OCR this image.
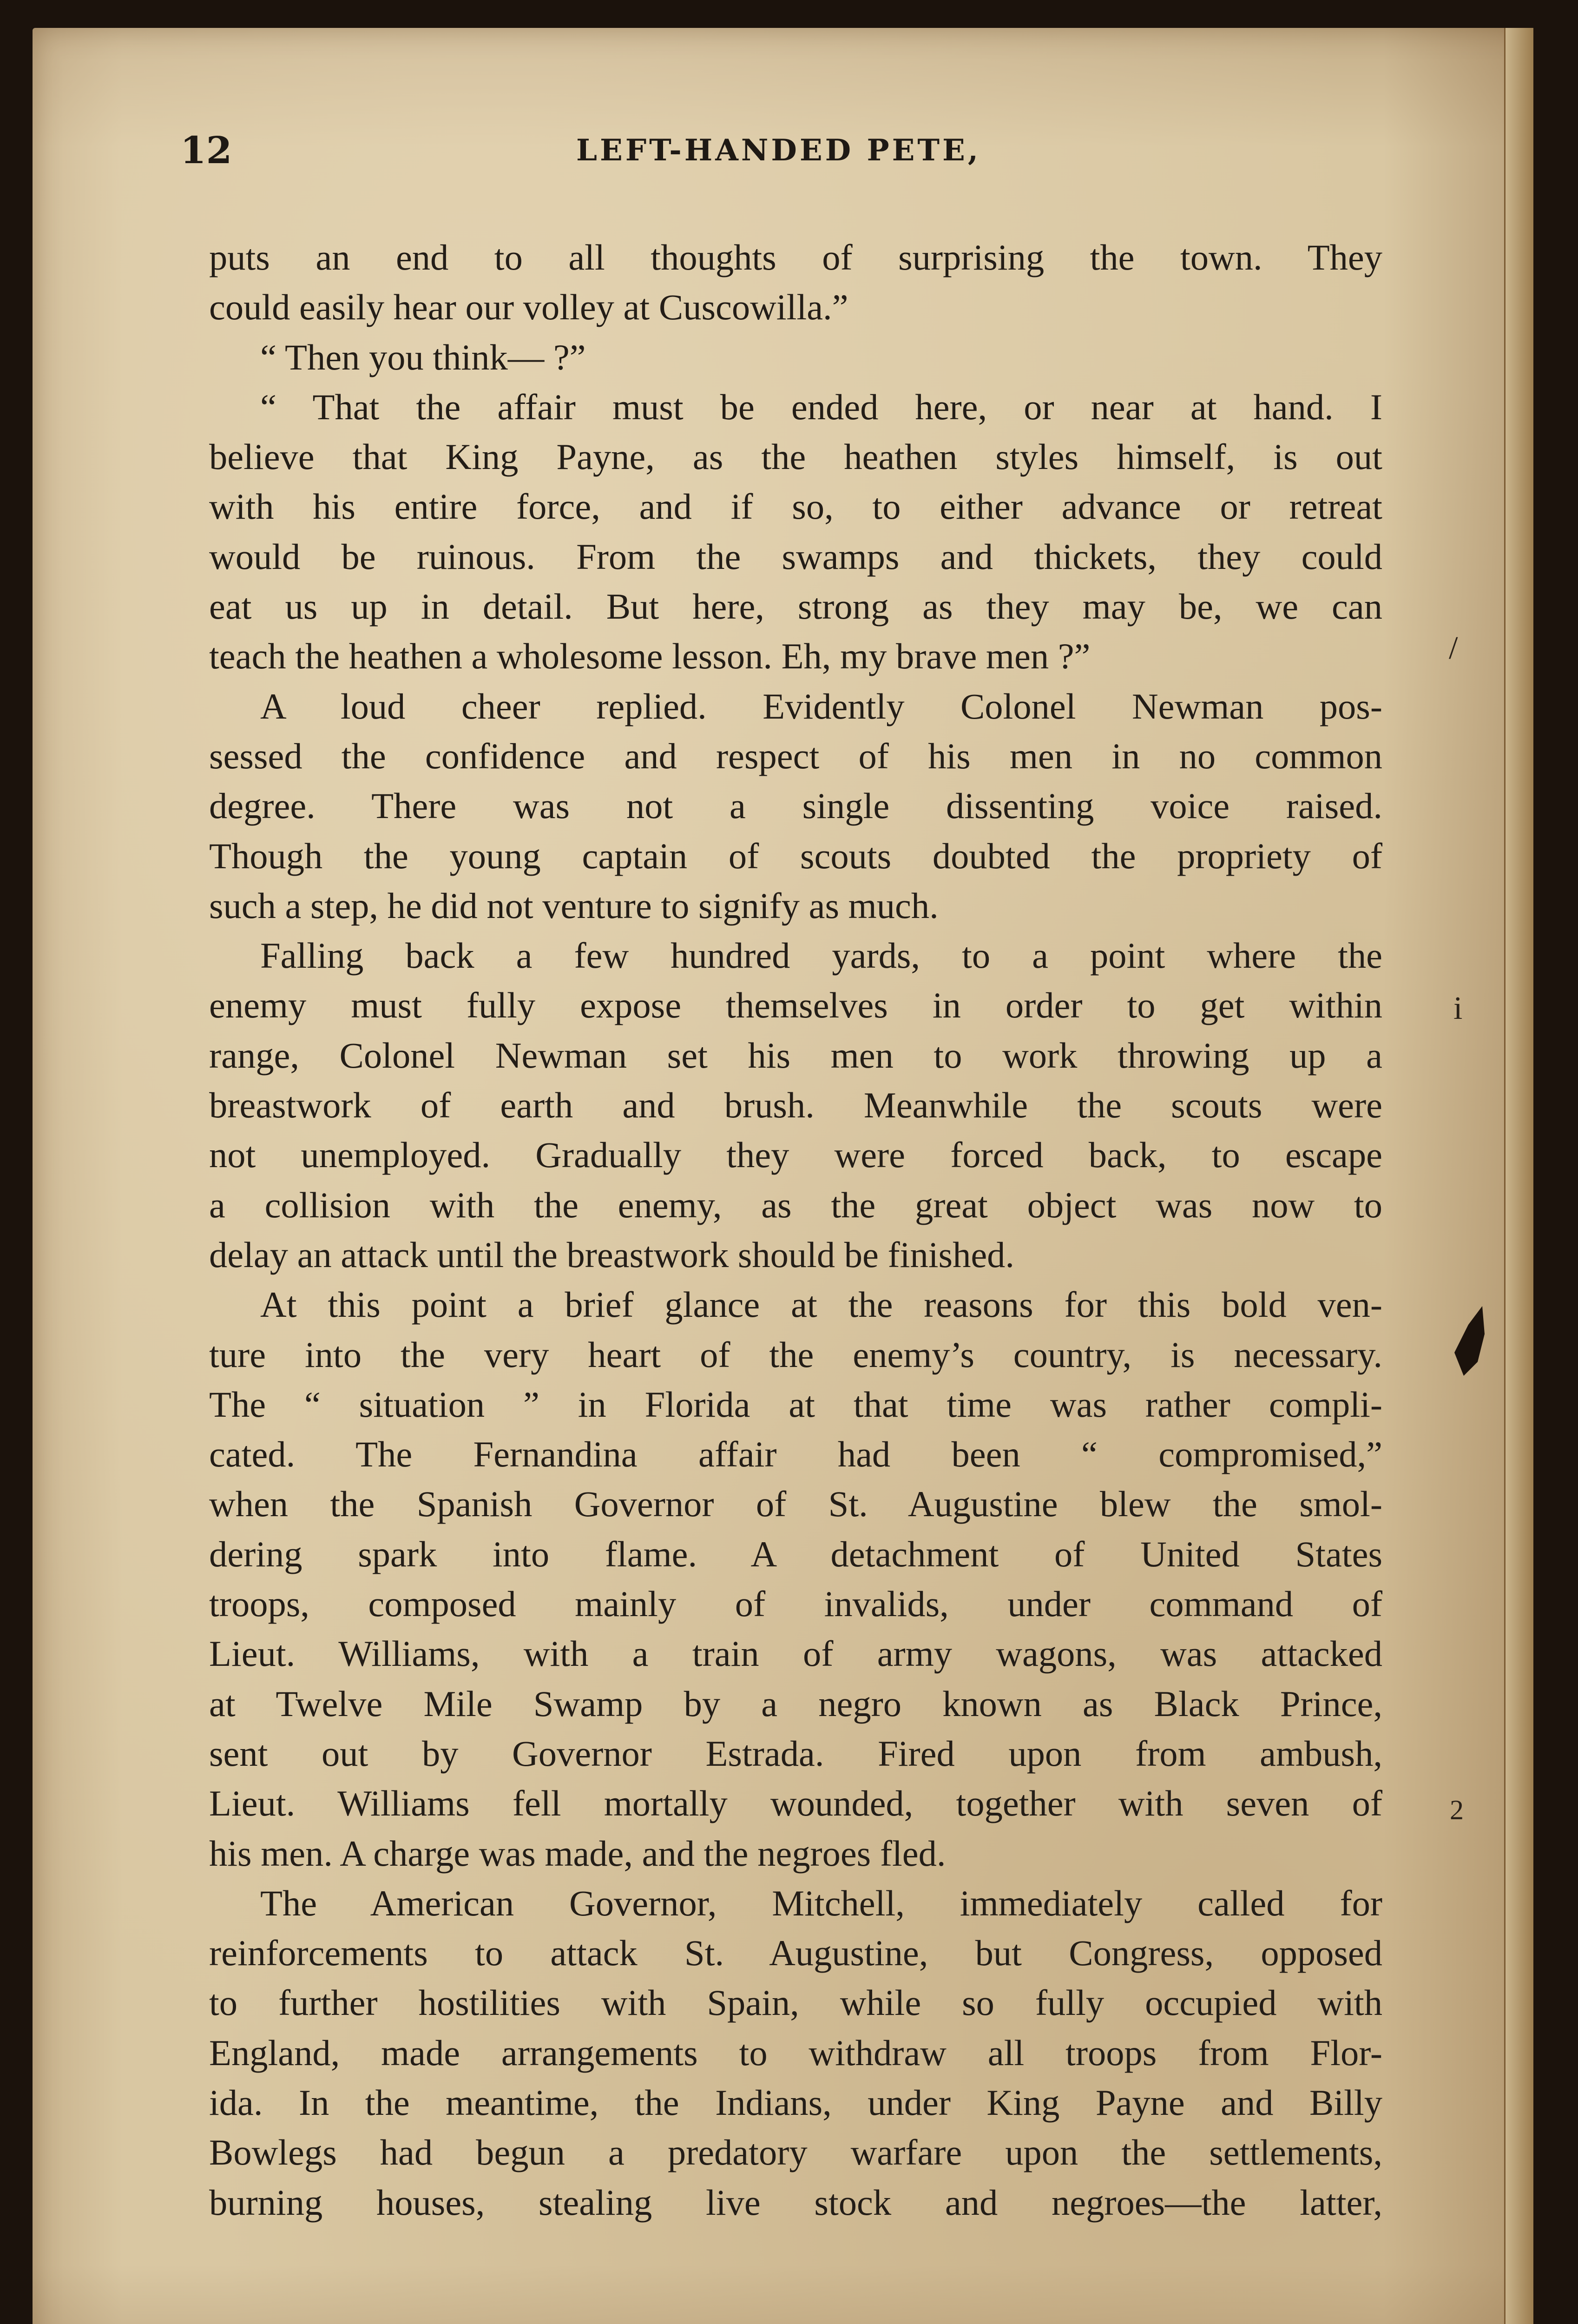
12	LEFT-HANDED PETE,
puts an end to all thoughts of surprising the town. They
could easily hear our volley at Cuscowilla.”
“ Then you think— ?”
“ That the affair must be ended here, or near at hand. I
believe that King Payne, as the heathen styles himself, is out
with his entire force, and if so, to either advance or retreat
would be ruinous. From the swamps and thickets, they could
eat us up in detail. But here, strong as they may be, we can
teach the heathen a wholesome lesson. Eh, my brave men ?”
A loud cheer replied. Evidently Colonel Newman pos-
sessed the confidence and respect of his men in no common
degree. There was not a single dissenting voice raised.
Though the young captain of scouts doubted the propriety of
such a step, he did not venture to signify as much.
Falling back a few hundred yards, to a point where the
enemy must fully expose themselves in order to get within
range, Colonel Newman set his men to work throwing up a
breastwork of earth and brush. Meanwhile the scouts were
not unemployed. Gradually they were forced back, to escape
a collision with the enemy, as the great object was now to
delay an attack until the breastwork should be finished.
At this point a brief glance at the reasons for this bold ven-
ture into the very heart of the enemy’s country, is necessary.
The “ situation ” in Florida at that time was rather compli-
cated. The Fernandina affair had been “ compromised,”
when the Spanish Governor of St. Augustine blew the smol-
dering spark into flame. A detachment of United States
troops, composed mainly of invalids, under command of
Lieut. Williams, with a train of army wagons, was attacked
at Twelve Mile Swamp by a negro known as Black Prince,
sent out by Governor Estrada. Fired upon from ambush,
Lieut. Williams fell mortally wounded, together with seven of
his men. A charge was made, and the negroes fled.
The American Governor, Mitchell, immediately called for
reinforcements to attack St. Augustine, but Congress, opposed
to further hostilities with Spain, while so fully occupied with
England, made arrangements to withdraw all troops from Flor-
ida. In the meantime, the Indians, under King Payne and Billy
Bowlegs had begun a predatory warfare upon the settlements,
burning houses, stealing live stock and negroes—the latter,
/
i
2
